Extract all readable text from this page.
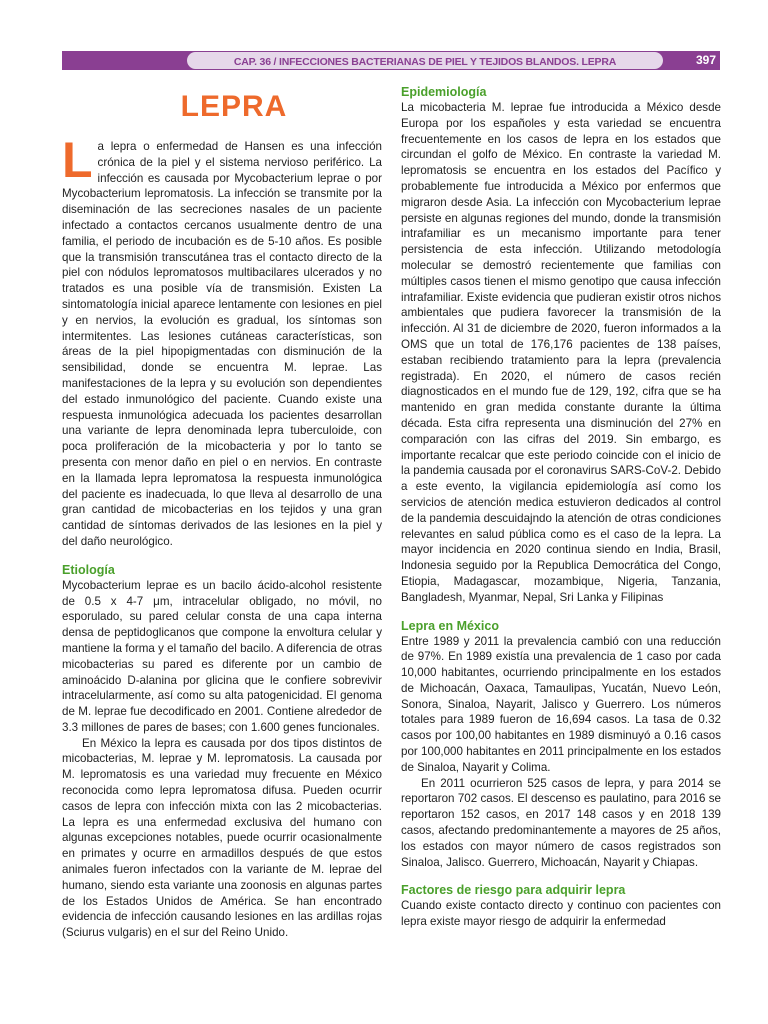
CAP. 36 / INFECCIONES BACTERIANAS DE PIEL Y TEJIDOS BLANDOS. LEPRA	397
LEPRA

La lepra o enfermedad de Hansen es una infección crónica de la piel y el sistema nervioso periférico. La infección es causada por Mycobacterium leprae o por Mycobacterium lepromatosis. La infección se transmite por la diseminación de las secreciones nasales de un paciente infectado a contactos cercanos usualmente dentro de una familia, el periodo de incubación es de 5-10 años. Es posible que la transmisión transcutánea tras el contacto directo de la piel con nódulos lepromatosos multibacilares ulcerados y no tratados es una posible vía de transmisión. Existen La sintomatología inicial aparece lentamente con lesiones en piel y en nervios, la evolución es gradual, los síntomas son intermitentes. Las lesiones cutáneas características, son áreas de la piel hipopigmentadas con disminución de la sensibilidad, donde se encuentra M. leprae. Las manifestaciones de la lepra y su evolución son dependientes del estado inmunológico del paciente. Cuando existe una respuesta inmunológica adecuada los pacientes desarrollan una variante de lepra denominada lepra tuberculoide, con poca proliferación de la micobacteria y por lo tanto se presenta con menor daño en piel o en nervios. En contraste en la llamada lepra lepromatosa la respuesta inmunológica del paciente es inadecuada, lo que lleva al desarrollo de una gran cantidad de micobacterias en los tejidos y una gran cantidad de síntomas derivados de las lesiones en la piel y del daño neurológico.

Etiología

Mycobacterium leprae es un bacilo ácido-alcohol resistente de 0.5 x 4-7 μm, intracelular obligado, no móvil, no esporulado, su pared celular consta de una capa interna densa de peptidoglicanos que compone la envoltura celular y mantiene la forma y el tamaño del bacilo. A diferencia de otras micobacterias su pared es diferente por un cambio de aminoácido D-alanina por glicina que le confiere sobrevivir intracelularmente, así como su alta patogenicidad. El genoma de M. leprae fue decodificado en 2001. Contiene alrededor de 3.3 millones de pares de bases; con 1.600 genes funcionales.

En México la lepra es causada por dos tipos distintos de micobacterias, M. leprae y M. lepromatosis. La causada por M. lepromatosis es una variedad muy frecuente en México reconocida como lepra lepromatosa difusa. Pueden ocurrir casos de lepra con infección mixta con las 2 micobacterias. La lepra es una enfermedad exclusiva del humano con algunas excepciones notables, puede ocurrir ocasionalmente en primates y ocurre en armadillos después de que estos animales fueron infectados con la variante de M. leprae del humano, siendo esta variante una zoonosis en algunas partes de los Estados Unidos de América. Se han encontrado evidencia de infección causando lesiones en las ardillas rojas (Sciurus vulgaris) en el sur del Reino Unido.

Epidemiología

La micobacteria M. leprae fue introducida a México desde Europa por los españoles y esta variedad se encuentra frecuentemente en los casos de lepra en los estados que circundan el golfo de México. En contraste la variedad M. lepromatosis se encuentra en los estados del Pacífico y probablemente fue introducida a México por enfermos que migraron desde Asia. La infección con Mycobacterium leprae persiste en algunas regiones del mundo, donde la transmisión intrafamiliar es un mecanismo importante para tener persistencia de esta infección. Utilizando metodología molecular se demostró recientemente que familias con múltiples casos tienen el mismo genotipo que causa infección intrafamiliar. Existe evidencia que pudieran existir otros nichos ambientales que pudiera favorecer la transmisión de la infección. Al 31 de diciembre de 2020, fueron informados a la OMS que un total de 176,176 pacientes de 138 países, estaban recibiendo tratamiento para la lepra (prevalencia registrada). En 2020, el número de casos recién diagnosticados en el mundo fue de 129, 192, cifra que se ha mantenido en gran medida constante durante la última década. Esta cifra representa una disminución del 27% en comparación con las cifras del 2019. Sin embargo, es importante recalcar que este periodo coincide con el inicio de la pandemia causada por el coronavirus SARS-CoV-2. Debido a este evento, la vigilancia epidemiología así como los servicios de atención medica estuvieron dedicados al control de la pandemia descuidajndo la atención de otras condiciones relevantes en salud pública como es el caso de la lepra. La mayor incidencia en 2020 continua siendo en India, Brasil, Indonesia seguido por la Republica Democrática del Congo, Etiopia, Madagascar, mozambique, Nigeria, Tanzania, Bangladesh, Myanmar, Nepal, Sri Lanka y Filipinas

Lepra en México

Entre 1989 y 2011 la prevalencia cambió con una reducción de 97%. En 1989 existía una prevalencia de 1 caso por cada 10,000 habitantes, ocurriendo principalmente en los estados de Michoacán, Oaxaca, Tamaulipas, Yucatán, Nuevo León, Sonora, Sinaloa, Nayarit, Jalisco y Guerrero. Los números totales para 1989 fueron de 16,694 casos. La tasa de 0.32 casos por 100,00 habitantes en 1989 disminuyó a 0.16 casos por 100,000 habitantes en 2011 principalmente en los estados de Sinaloa, Nayarit y Colima.

En 2011 ocurrieron 525 casos de lepra, y para 2014 se reportaron 702 casos. El descenso es paulatino, para 2016 se reportaron 152 casos, en 2017 148 casos y en 2018 139 casos, afectando predominantemente a mayores de 25 años, los estados con mayor número de casos registrados son Sinaloa, Jalisco. Guerrero, Michoacán, Nayarit y Chiapas.

Factores de riesgo para adquirir lepra

Cuando existe contacto directo y continuo con pacientes con lepra existe mayor riesgo de adquirir la enfermedad
